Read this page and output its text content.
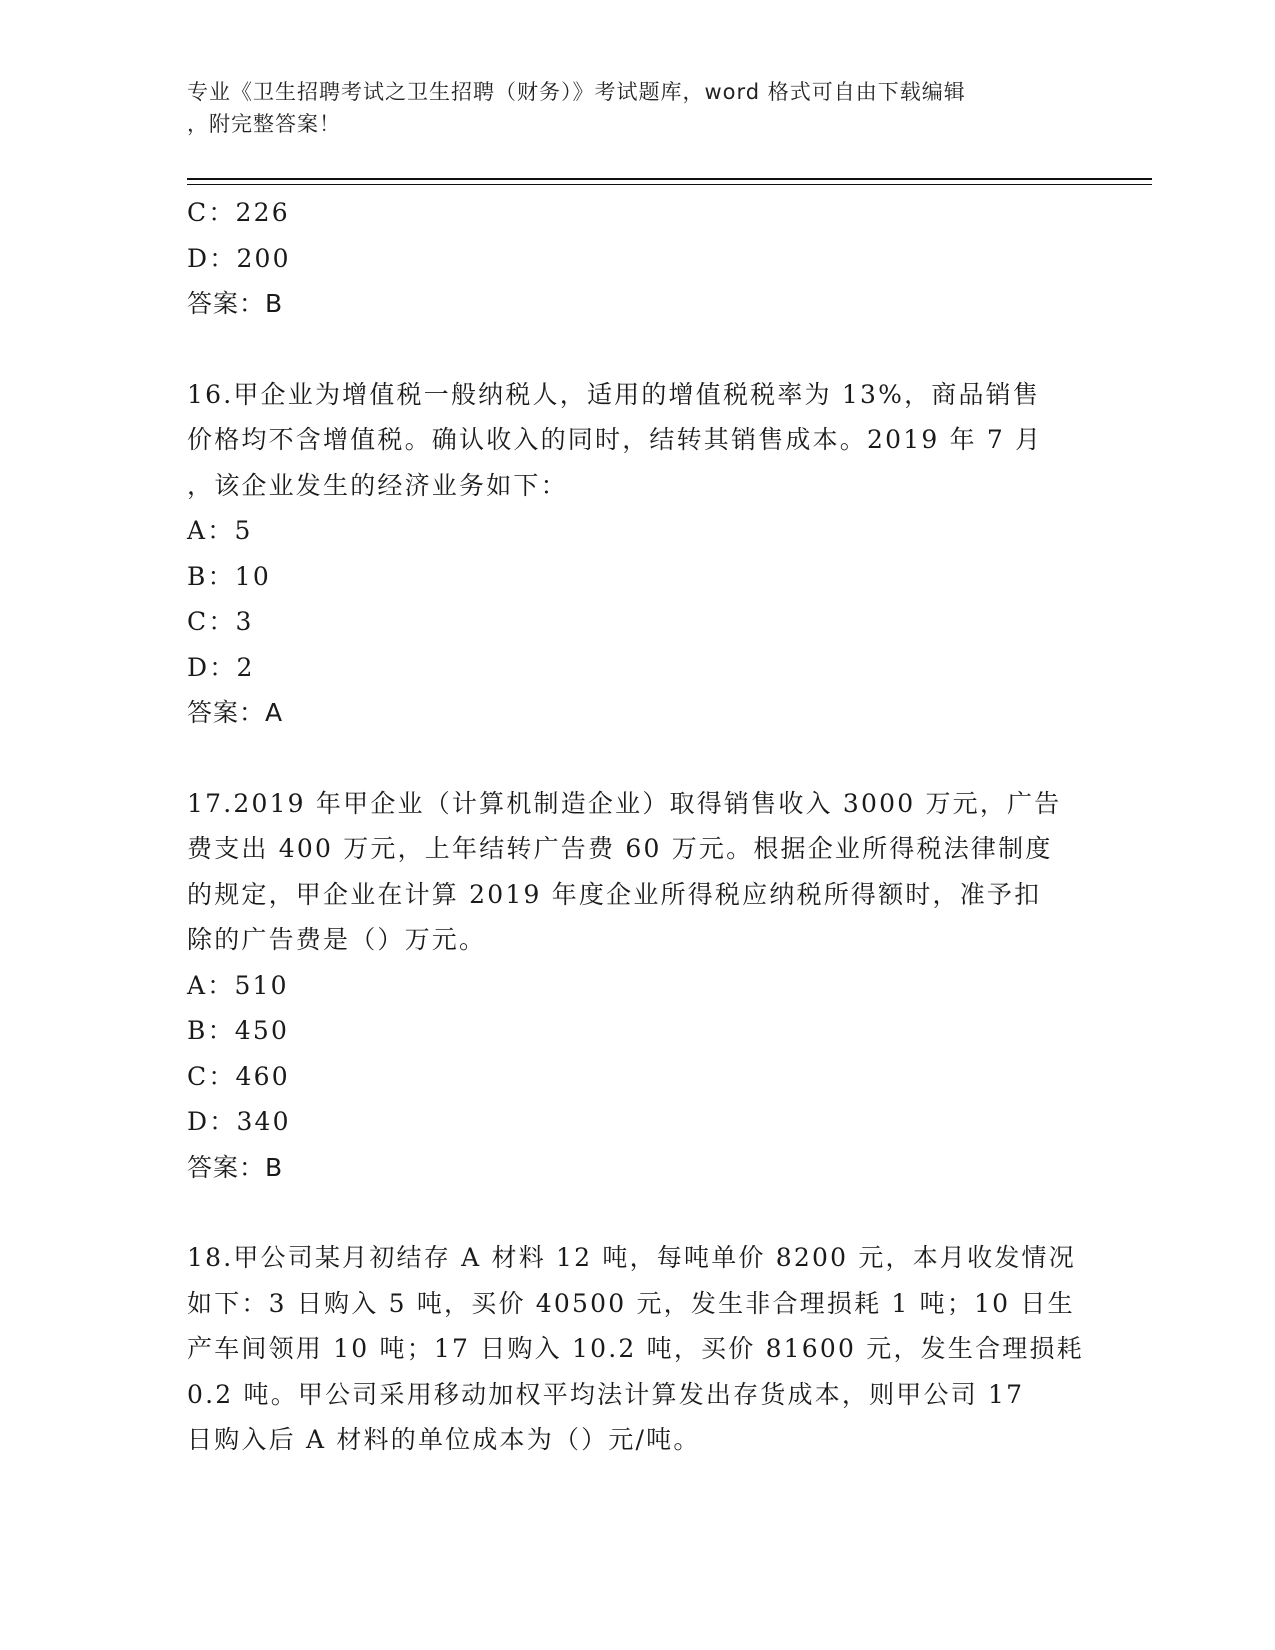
专业《卫生招聘考试之卫生招聘（财务）》考试题库，word 格式可自由下载编辑
，附完整答案！
C：226
D：200
答案：B
16.甲企业为增值税一般纳税人，适用的增值税税率为 13%，商品销售
价格均不含增值税。确认收入的同时，结转其销售成本。2019 年 7 月
，该企业发生的经济业务如下：
A：5
B：10
C：3
D：2
答案：A
17.2019 年甲企业（计算机制造企业）取得销售收入 3000 万元，广告
费支出 400 万元，上年结转广告费 60 万元。根据企业所得税法律制度
的规定，甲企业在计算 2019 年度企业所得税应纳税所得额时，准予扣
除的广告费是（）万元。
A：510
B：450
C：460
D：340
答案：B
18.甲公司某月初结存 A 材料 12 吨，每吨单价 8200 元，本月收发情况
如下：3 日购入 5 吨，买价 40500 元，发生非合理损耗 1 吨；10 日生
产车间领用 10 吨；17 日购入 10.2 吨，买价 81600 元，发生合理损耗
0.2 吨。甲公司采用移动加权平均法计算发出存货成本，则甲公司 17
日购入后 A 材料的单位成本为（）元/吨。
